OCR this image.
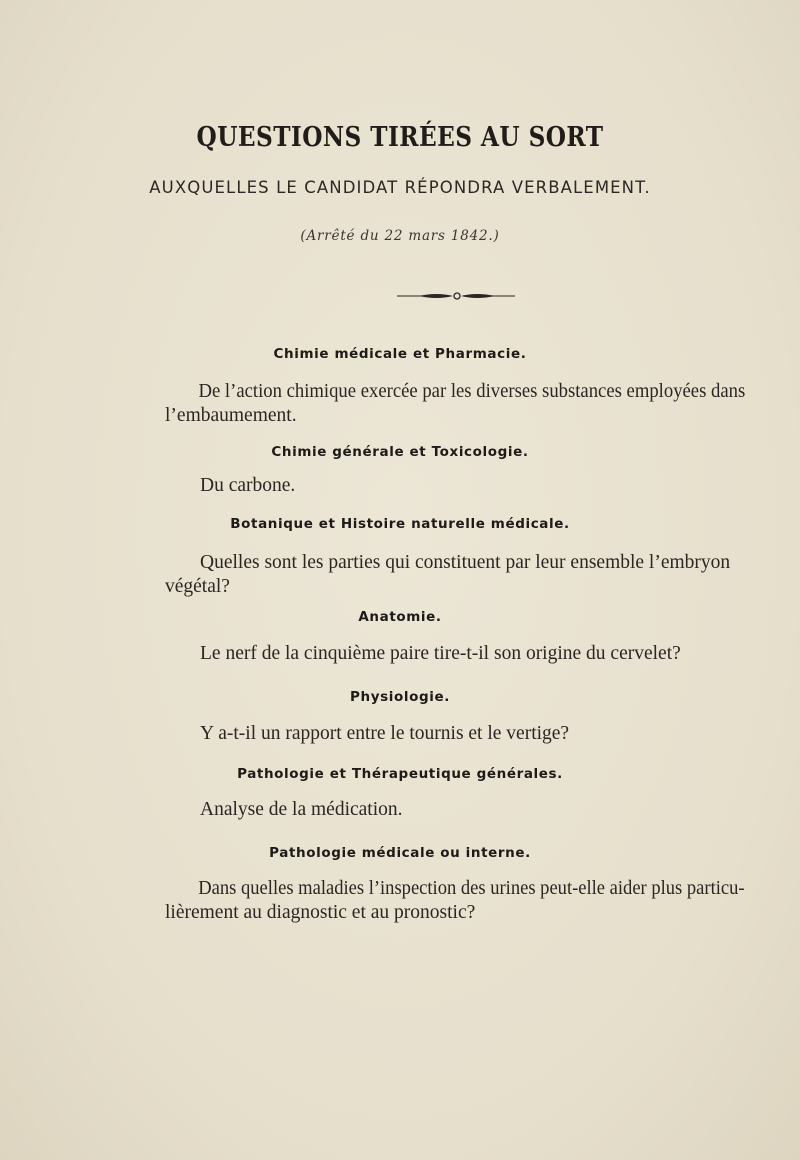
QUESTIONS TIRÉES AU SORT
AUXQUELLES LE CANDIDAT RÉPONDRA VERBALEMENT.
(Arrêté du 22 mars 1842.)
Chimie médicale et Pharmacie.
De l’action chimique exercée par les diverses substances employées dans
l’embaumement.
Chimie générale et Toxicologie.
Du carbone.
Botanique et Histoire naturelle médicale.
Quelles sont les parties qui constituent par leur ensemble l’embryon
végétal?
Anatomie.
Le nerf de la cinquième paire tire-t-il son origine du cervelet?
Physiologie.
Y a-t-il un rapport entre le tournis et le vertige?
Pathologie et Thérapeutique générales.
Analyse de la médication.
Pathologie médicale ou interne.
Dans quelles maladies l’inspection des urines peut-elle aider plus particu-
lièrement au diagnostic et au pronostic?
